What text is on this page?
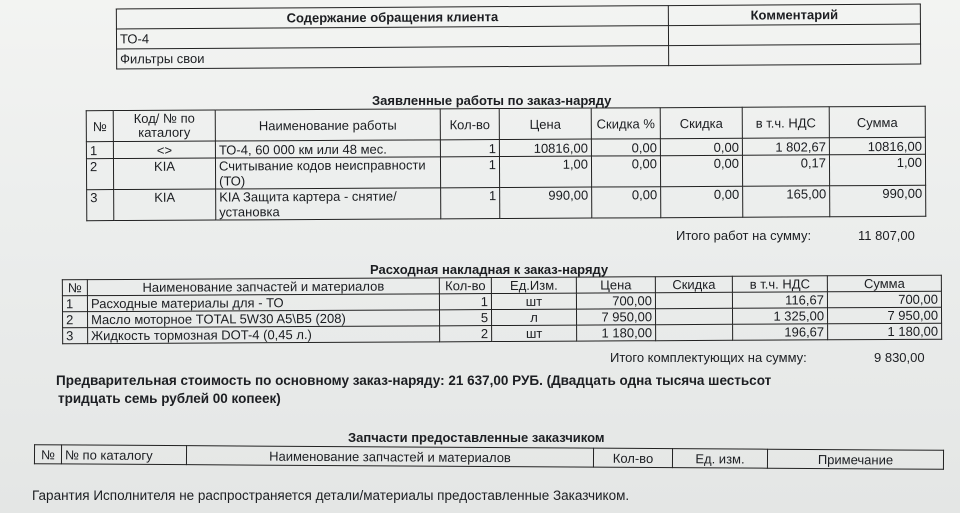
Содержание обращения клиента	Комментарий
ТО-4	
Фильтры свои	
Заявленные работы по заказ-наряду
№	Код/ № по каталогу	Наименование работы	Кол-во	Цена	Скидка %	Скидка	в т.ч. НДС	Сумма
1	<>	ТО-4, 60 000 км или 48 мес.	1	10816,00	0,00	0,00	1 802,67	10816,00
2	KIA	Считывание кодов неисправности (ТО)	1	1,00	0,00	0,00	0,17	1,00
3	KIA	KIA Защита картера - снятие/установка	1	990,00	0,00	0,00	165,00	990,00
Итого работ на сумму:	11 807,00
Расходная накладная к заказ-наряду
№	Наименование запчастей и материалов	Кол-во	Ед.Изм.	Цена	Скидка	в т.ч. НДС	Сумма
1	Расходные материалы для - ТО	1	шт	700,00		116,67	700,00
2	Масло моторное TOTAL 5W30 A5\B5 (208)	5	л	7 950,00		1 325,00	7 950,00
3	Жидкость тормозная DOT-4 (0,45 л.)	2	шт	1 180,00		196,67	1 180,00
Итого комплектующих на сумму:	9 830,00
Предварительная стоимость по основному заказ-наряду: 21 637,00 РУБ. (Двадцать одна тысяча шестьсот
тридцать семь рублей 00 копеек)
Запчасти предоставленные заказчиком
№	№ по каталогу	Наименование запчастей и материалов	Кол-во	Ед. изм.	Примечание
Гарантия Исполнителя не распространяется детали/материалы предоставленные Заказчиком.
